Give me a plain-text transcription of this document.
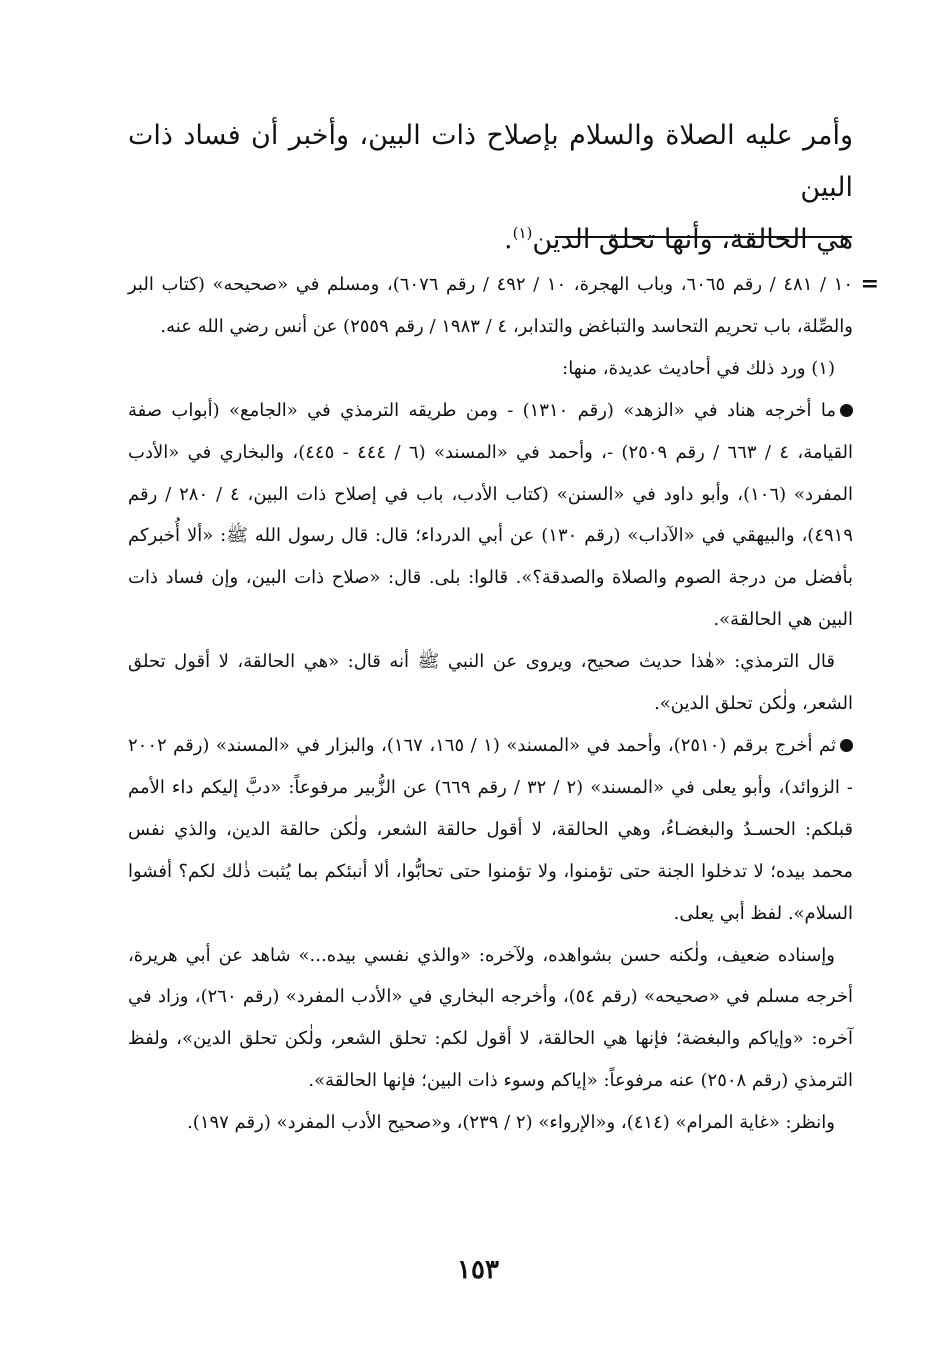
وأمر عليه الصلاة والسلام بإصلاح ذات البين، وأخبر أن فساد ذات البين

هي الحالقة، وأنها تحلق الدين$^{(١)}$.

=
١٠ / ٤٨١ / رقم ٦٠٦٥، وباب الهجرة، ١٠ / ٤٩٢ / رقم ٦٠٧٦)، ومسلم في «صحيحه» (كتاب البر والصِّلة، باب تحريم التحاسد والتباغض والتدابر، ٤ / ١٩٨٣ / رقم ٢٥٥٩) عن أنس رضي الله عنه.

(١) ورد ذلك في أحاديث عديدة، منها:

ما أخرجه هناد في «الزهد» (رقم ١٣١٠) - ومن طريقه الترمذي في «الجامع» (أبواب صفة القيامة، ٤ / ٦٦٣ / رقم ٢٥٠٩) -، وأحمد في «المسند» (٦ / ٤٤٤ - ٤٤٥)، والبخاري في «الأدب المفرد» (١٠٦)، وأبو داود في «السنن» (كتاب الأدب، باب في إصلاح ذات البين، ٤ / ٢٨٠ / رقم ٤٩١٩)، والبيهقي في «الآداب» (رقم ١٣٠) عن أبي الدرداء؛ قال: قال رسول الله ﷺ: «ألا أُخبركم بأفضل من درجة الصوم والصلاة والصدقة؟». قالوا: بلى. قال: «صلاح ذات البين، وإن فساد ذات البين هي الحالقة».

قال الترمذي: «هٰذا حديث صحيح، ويروى عن النبي ﷺ أنه قال: «هي الحالقة، لا أقول تحلق الشعر، ولٰكن تحلق الدين».

ثم أخرج برقم (٢٥١٠)، وأحمد في «المسند» (١ / ١٦٥، ١٦٧)، والبزار في «المسند» (رقم ٢٠٠٢ - الزوائد)، وأبو يعلى في «المسند» (٢ / ٣٢ / رقم ٦٦٩) عن الزُّبير مرفوعاً: «دبَّ إليكم داء الأمم قبلكم: الحسـدُ والبغضـاءُ، وهي الحالقة، لا أقول حالقة الشعر، ولٰكن حالقة الدين، والذي نفس محمد بيده؛ لا تدخلوا الجنة حتى تؤمنوا، ولا تؤمنوا حتى تحابُّوا، ألا أنبئكم بما يُثبت ذٰلك لكم؟ أفشوا السلام». لفظ أبي يعلى.

وإسناده ضعيف، ولٰكنه حسن بشواهده، ولآخره: «والذي نفسي بيده...» شاهد عن أبي هريرة، أخرجه مسلم في «صحيحه» (رقم ٥٤)، وأخرجه البخاري في «الأدب المفرد» (رقم ٢٦٠)، وزاد في آخره: «وإياكم والبغضة؛ فإنها هي الحالقة، لا أقول لكم: تحلق الشعر، ولٰكن تحلق الدين»، ولفظ الترمذي (رقم ٢٥٠٨) عنه مرفوعاً: «إياكم وسوء ذات البين؛ فإنها الحالقة».

وانظر: «غاية المرام» (٤١٤)، و«الإرواء» (٢ / ٢٣٩)، و«صحيح الأدب المفرد» (رقم ١٩٧).

١٥٣
